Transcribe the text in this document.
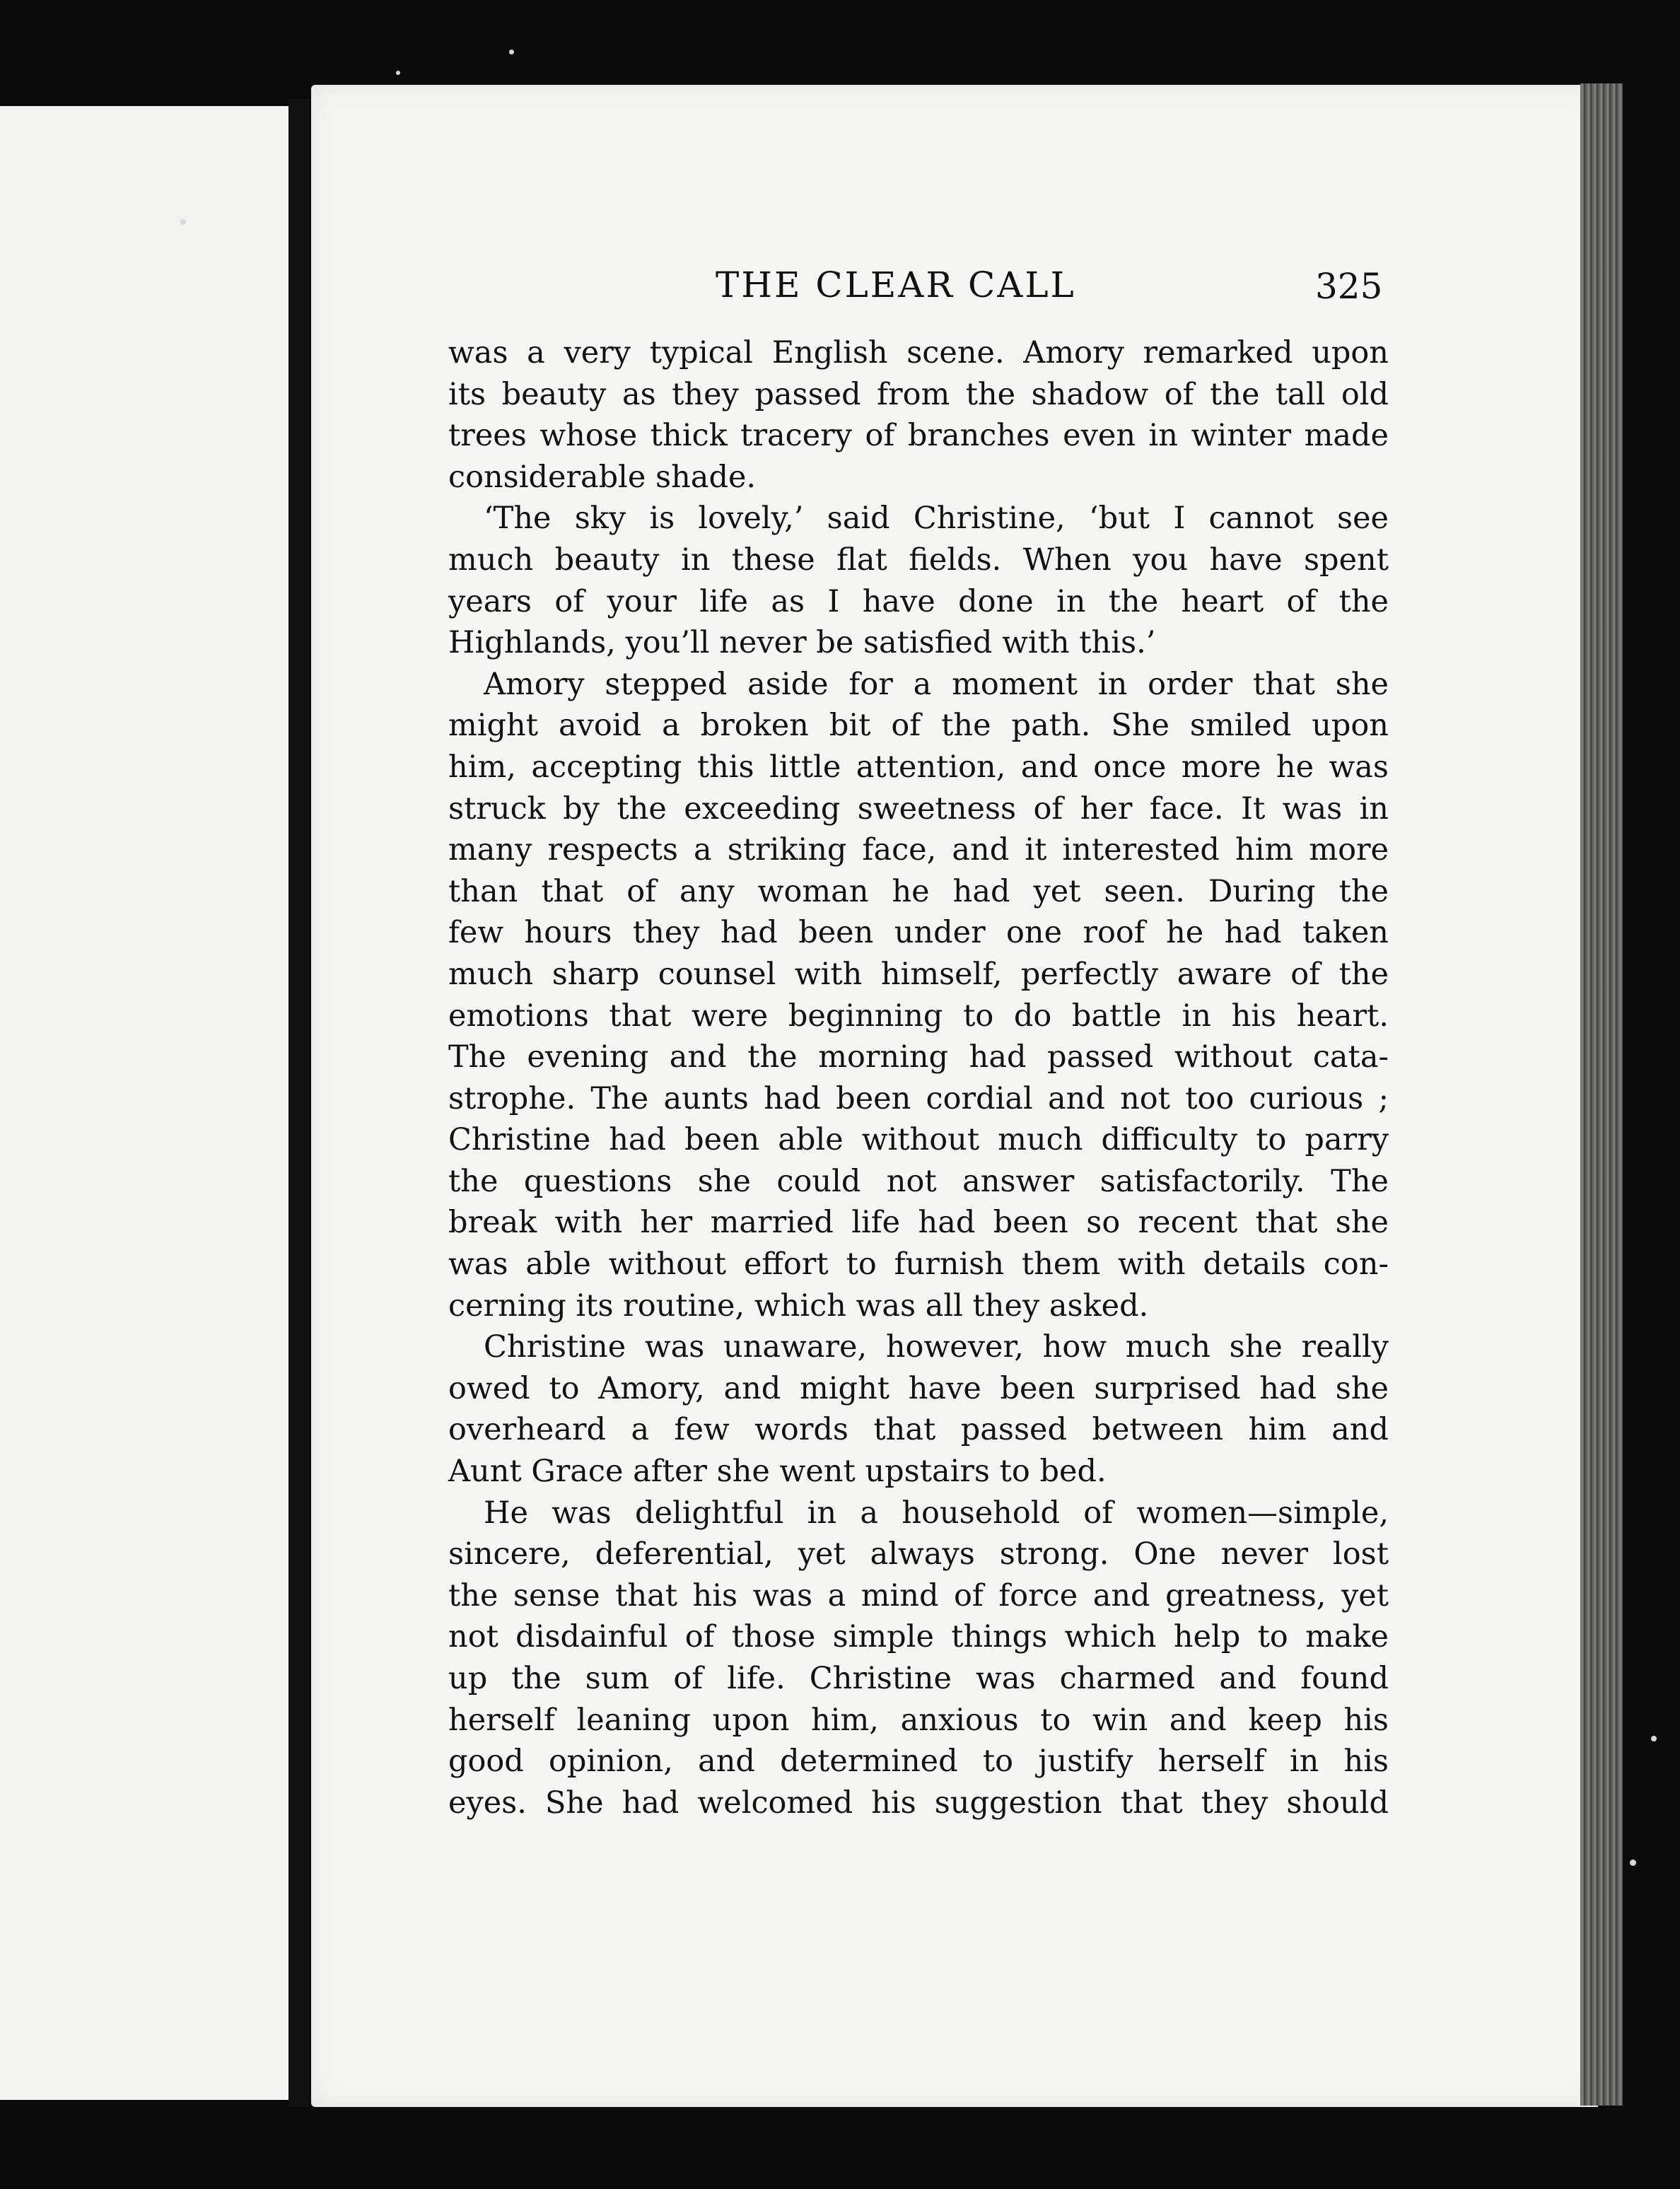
THE CLEAR CALL	325
was a very typical English scene. Amory remarked upon
its beauty as they passed from the shadow of the tall old
trees whose thick tracery of branches even in winter made
considerable shade.
‘The sky is lovely,’ said Christine, ‘but I cannot see
much beauty in these flat fields. When you have spent
years of your life as I have done in the heart of the
Highlands, you’ll never be satisfied with this.’
Amory stepped aside for a moment in order that she
might avoid a broken bit of the path. She smiled upon
him, accepting this little attention, and once more he was
struck by the exceeding sweetness of her face. It was in
many respects a striking face, and it interested him more
than that of any woman he had yet seen. During the
few hours they had been under one roof he had taken
much sharp counsel with himself, perfectly aware of the
emotions that were beginning to do battle in his heart.
The evening and the morning had passed without cata-
strophe. The aunts had been cordial and not too curious ;
Christine had been able without much difficulty to parry
the questions she could not answer satisfactorily. The
break with her married life had been so recent that she
was able without effort to furnish them with details con-
cerning its routine, which was all they asked.
Christine was unaware, however, how much she really
owed to Amory, and might have been surprised had she
overheard a few words that passed between him and
Aunt Grace after she went upstairs to bed.
He was delightful in a household of women—simple,
sincere, deferential, yet always strong. One never lost
the sense that his was a mind of force and greatness, yet
not disdainful of those simple things which help to make
up the sum of life. Christine was charmed and found
herself leaning upon him, anxious to win and keep his
good opinion, and determined to justify herself in his
eyes. She had welcomed his suggestion that they should
